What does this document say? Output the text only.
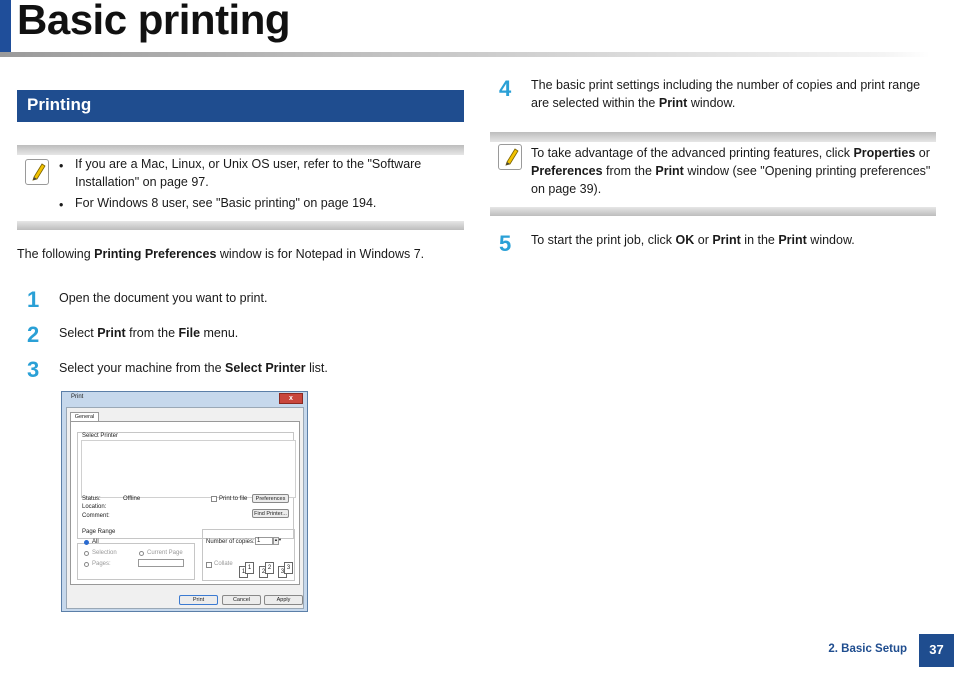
Basic printing
Printing
• If you are a Mac, Linux, or Unix OS user, refer to the "Software Installation" on page 97.
• For Windows 8 user, see "Basic printing" on page 194.
The following Printing Preferences window is for Notepad in Windows 7.
1 Open the document you want to print.
2 Select Print from the File menu.
3 Select your machine from the Select Printer list.
Print	x
General
Select Printer
Status:	Offline
Location:
Comment:
Print to file	Preferences
Find Printer...
Page Range
All
Selection	Current Page
Pages:
Number of copies: 1	▲▼
Collate
1
1
2
2
3
3
Print	Cancel	Apply
4 The basic print settings including the number of copies and print range are selected within the Print window.
To take advantage of the advanced printing features, click Properties or Preferences from the Print window (see "Opening printing preferences" on page 39).
5 To start the print job, click OK or Print in the Print window.
2. Basic Setup	37
